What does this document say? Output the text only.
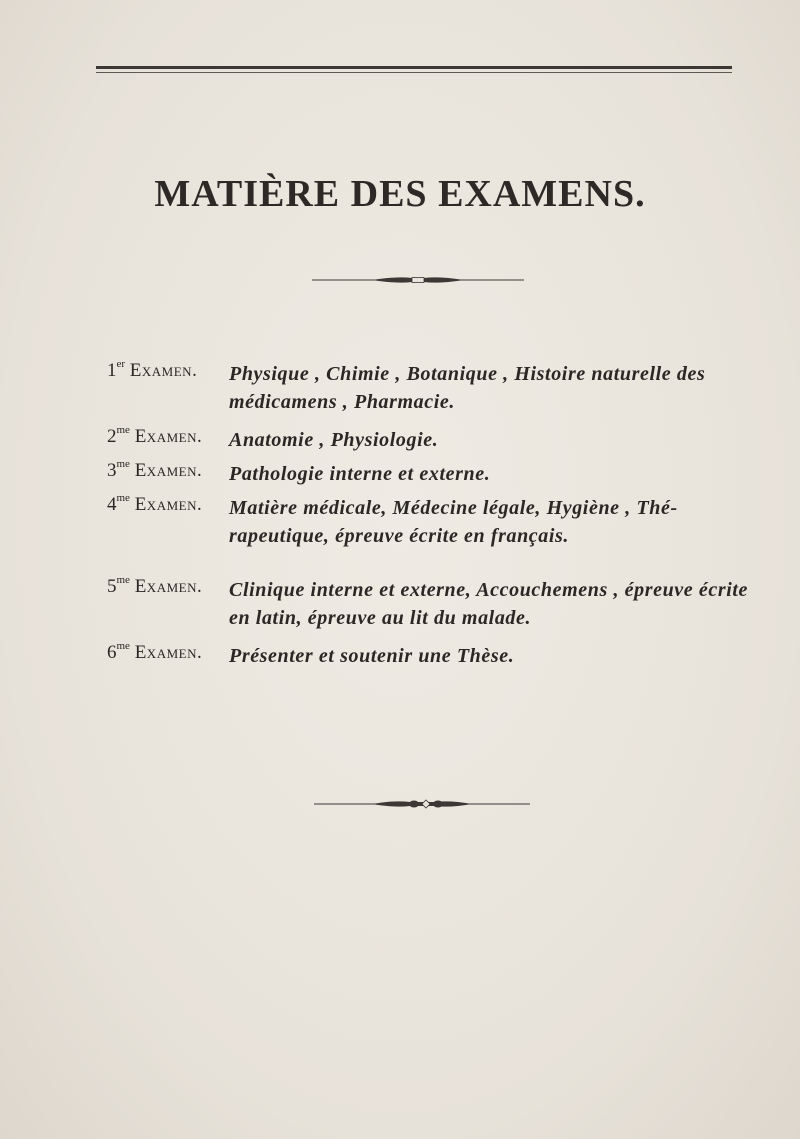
MATIÈRE DES EXAMENS.
1er Examen. Physique , Chimie , Botanique , Histoire naturelle des médicamens , Pharmacie.
$2^{me}$ Examen. Anatomie , Physiologie.
$3^{me}$ Examen. Pathologie interne et externe.
$4^{me}$ Examen. Matière médicale, Médecine légale, Hygiène , Thé-rapeutique, épreuve écrite en français.
$5^{me}$ Examen. Clinique interne et externe, Accouchemens , épreuve écrite en latin, épreuve au lit du malade.
$6^{me}$ Examen. Présenter et soutenir une Thèse.
